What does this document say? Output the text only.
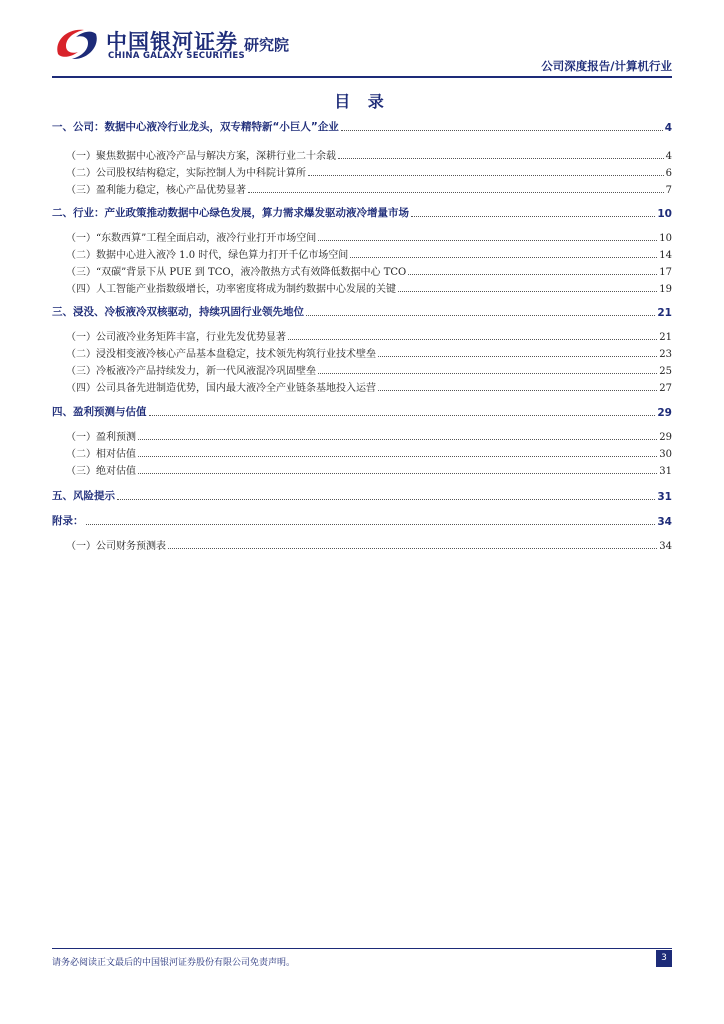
中国银河证券
CHINA GALAXY SECURITIES
研究院
公司深度报告/计算机行业
目 录
一、公司：数据中心液冷行业龙头，双专精特新“小巨人”企业	4
（一）聚焦数据中心液冷产品与解决方案，深耕行业二十余载	4
（二）公司股权结构稳定，实际控制人为中科院计算所	6
（三）盈利能力稳定，核心产品优势显著	7
二、行业：产业政策推动数据中心绿色发展，算力需求爆发驱动液冷增量市场	10
（一）“东数西算”工程全面启动，液冷行业打开市场空间	10
（二）数据中心进入液冷 1.0 时代，绿色算力打开千亿市场空间	14
（三）“双碳”背景下从 PUE 到 TCO，液冷散热方式有效降低数据中心 TCO	17
（四）人工智能产业指数级增长，功率密度将成为制约数据中心发展的关键	19
三、浸没、冷板液冷双核驱动，持续巩固行业领先地位	21
（一）公司液冷业务矩阵丰富，行业先发优势显著	21
（二）浸没相变液冷核心产品基本盘稳定，技术领先构筑行业技术壁垒	23
（三）冷板液冷产品持续发力，新一代风液混冷巩固壁垒	25
（四）公司具备先进制造优势，国内最大液冷全产业链条基地投入运营	27
四、盈利预测与估值	29
（一）盈利预测	29
（二）相对估值	30
（三）绝对估值	31
五、风险提示	31
附录：	34
（一）公司财务预测表	34
请务必阅读正文最后的中国银河证券股份有限公司免责声明。	3
